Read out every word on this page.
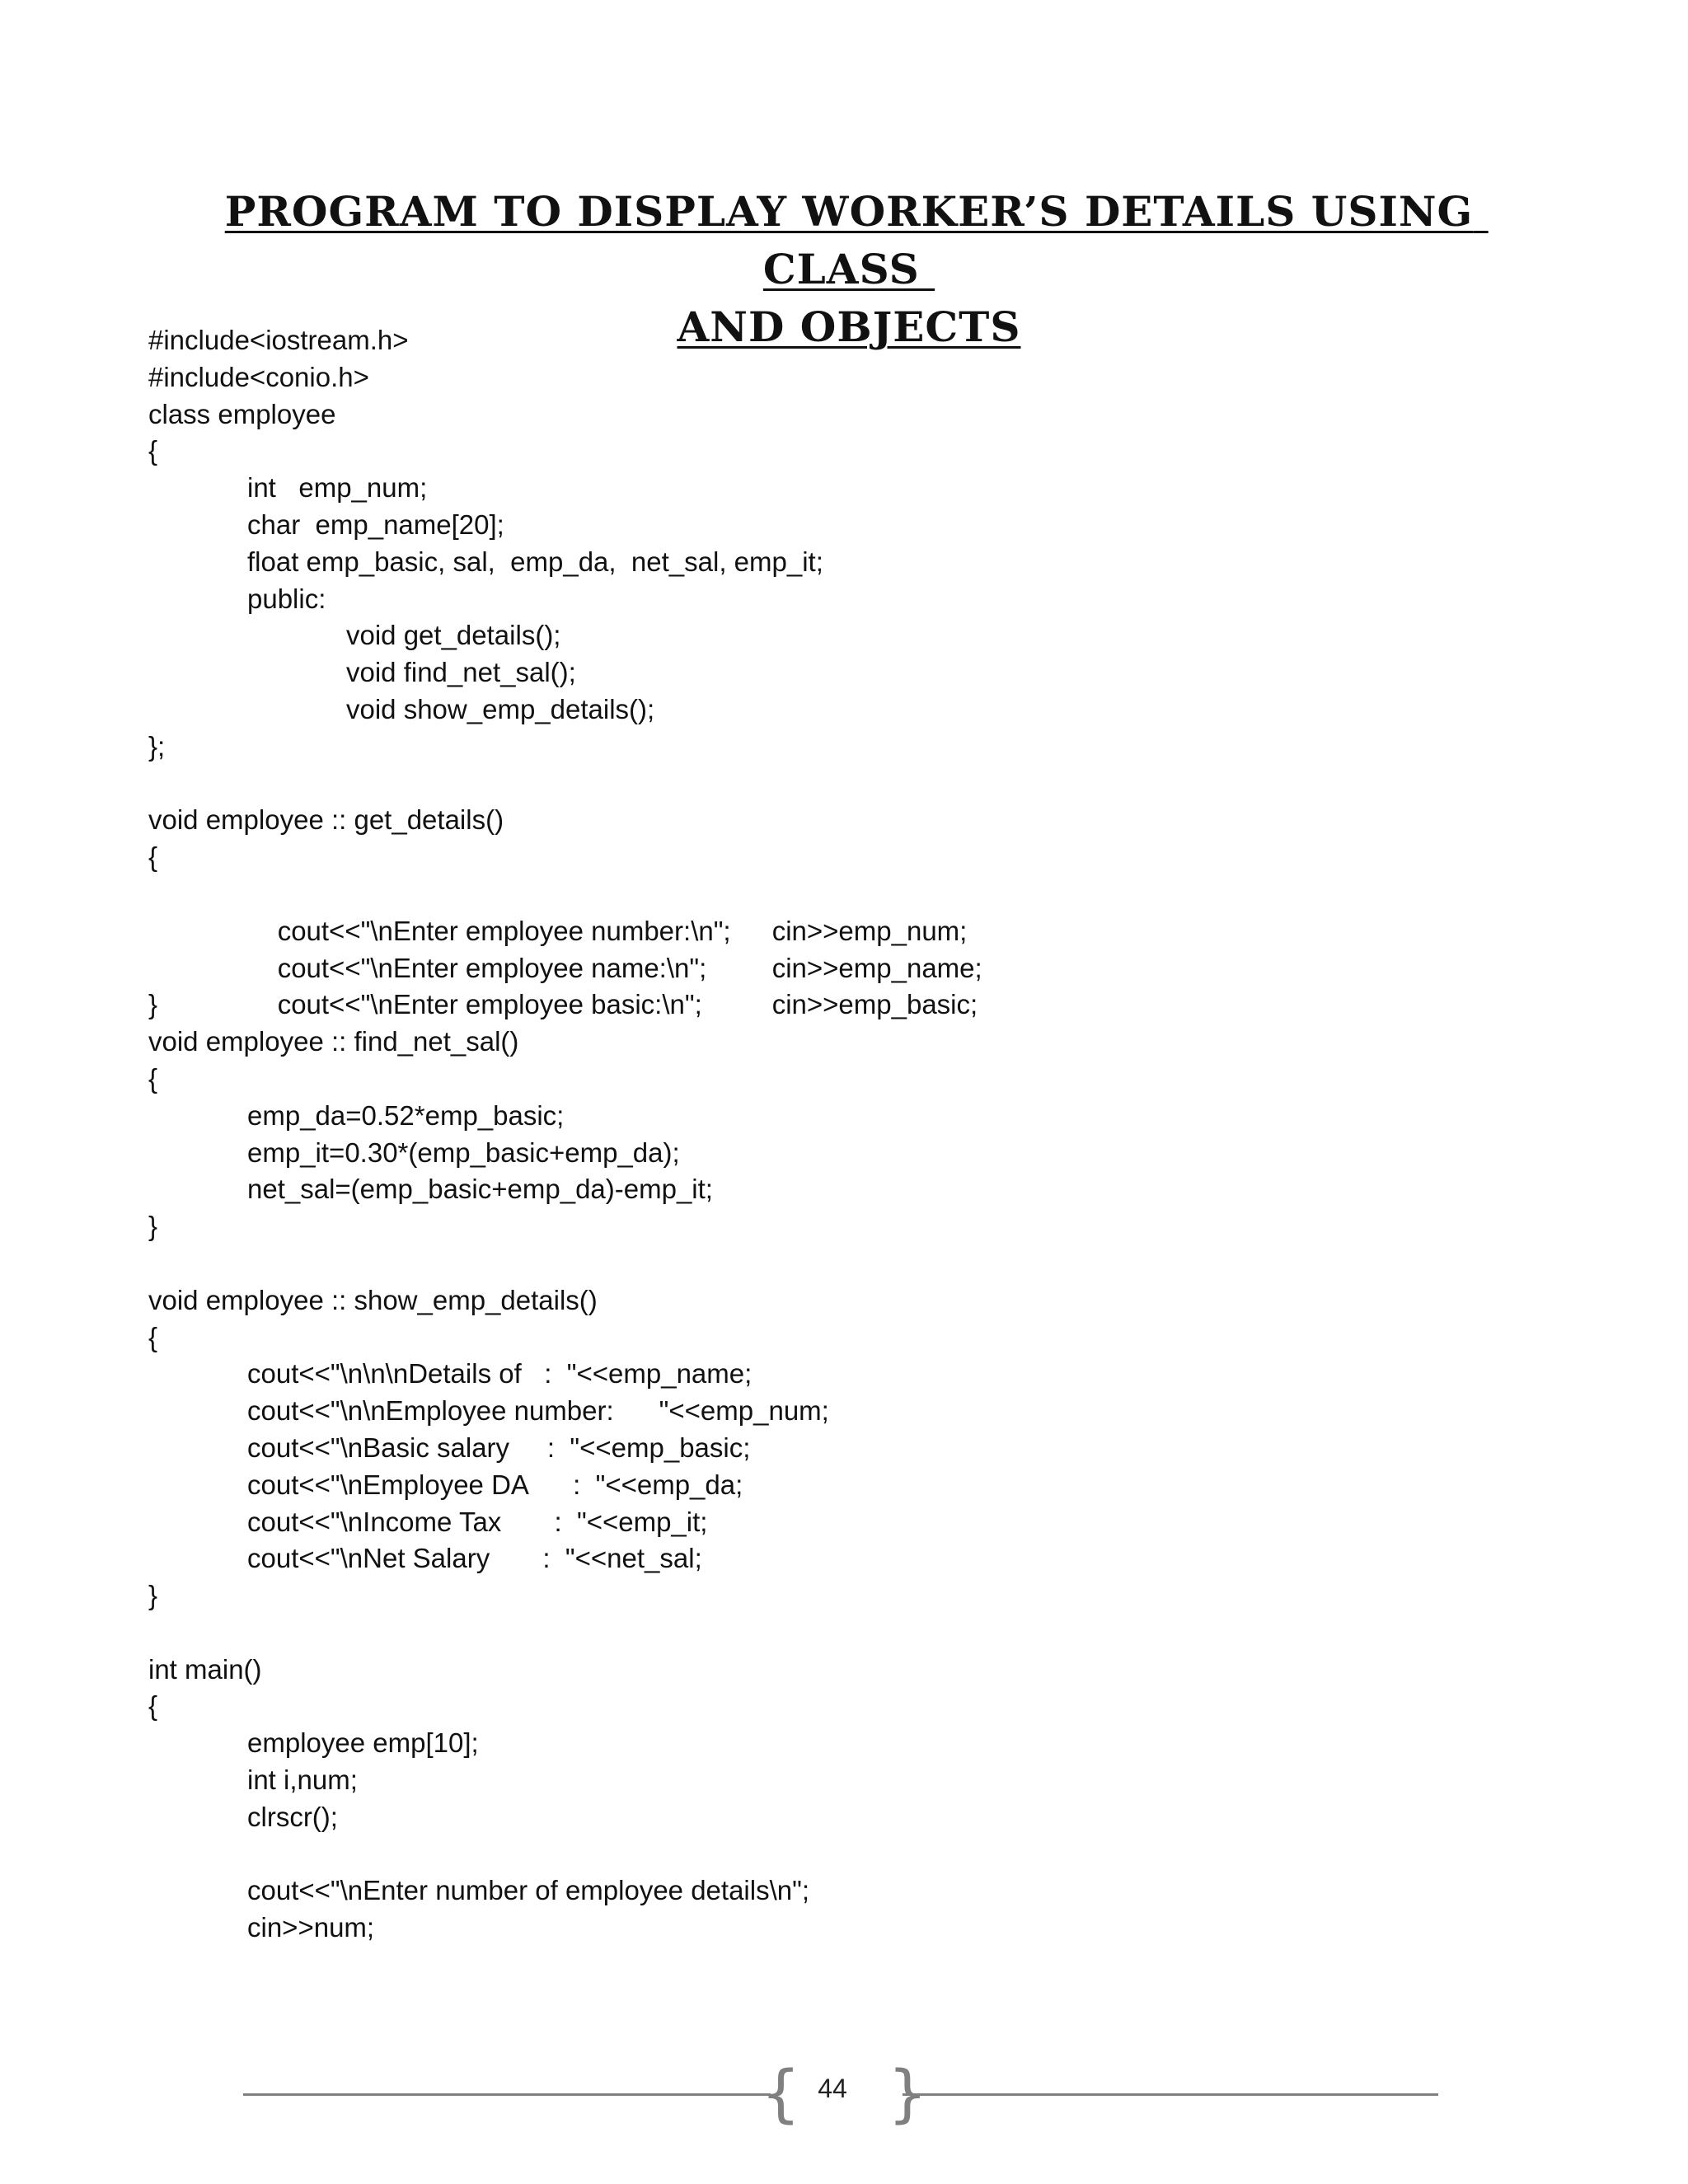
PROGRAM TO DISPLAY WORKER’S DETAILS USING CLASS
AND OBJECTS
#include<iostream.h>
#include<conio.h>
class employee
{
int   emp_num;
char  emp_name[20];
float emp_basic, sal,  emp_da,  net_sal, emp_it;
public:
void get_details();
void find_net_sal();
void show_emp_details();
};
void employee :: get_details()
{

cout<<"\nEnter employee number:\n"; cin>>emp_num;

cout<<"\nEnter employee name:\n"; cin>>emp_name;

cout<<"\nEnter employee basic:\n";	cin>>emp_basic;

}
void employee :: find_net_sal()
{
emp_da=0.52*emp_basic;
emp_it=0.30*(emp_basic+emp_da);
net_sal=(emp_basic+emp_da)-emp_it;
}
void employee :: show_emp_details()
{
cout<<"\n\n\nDetails of   :  "<<emp_name;
cout<<"\n\nEmployee number:      "<<emp_num;
cout<<"\nBasic salary     :  "<<emp_basic;
cout<<"\nEmployee DA      :  "<<emp_da;
cout<<"\nIncome Tax       :  "<<emp_it;
cout<<"\nNet Salary       :  "<<net_sal;
}
int main()
{
employee emp[10];
int i,num;
clrscr();
cout<<"\nEnter number of employee details\n";
cin>>num;
{ }
44
